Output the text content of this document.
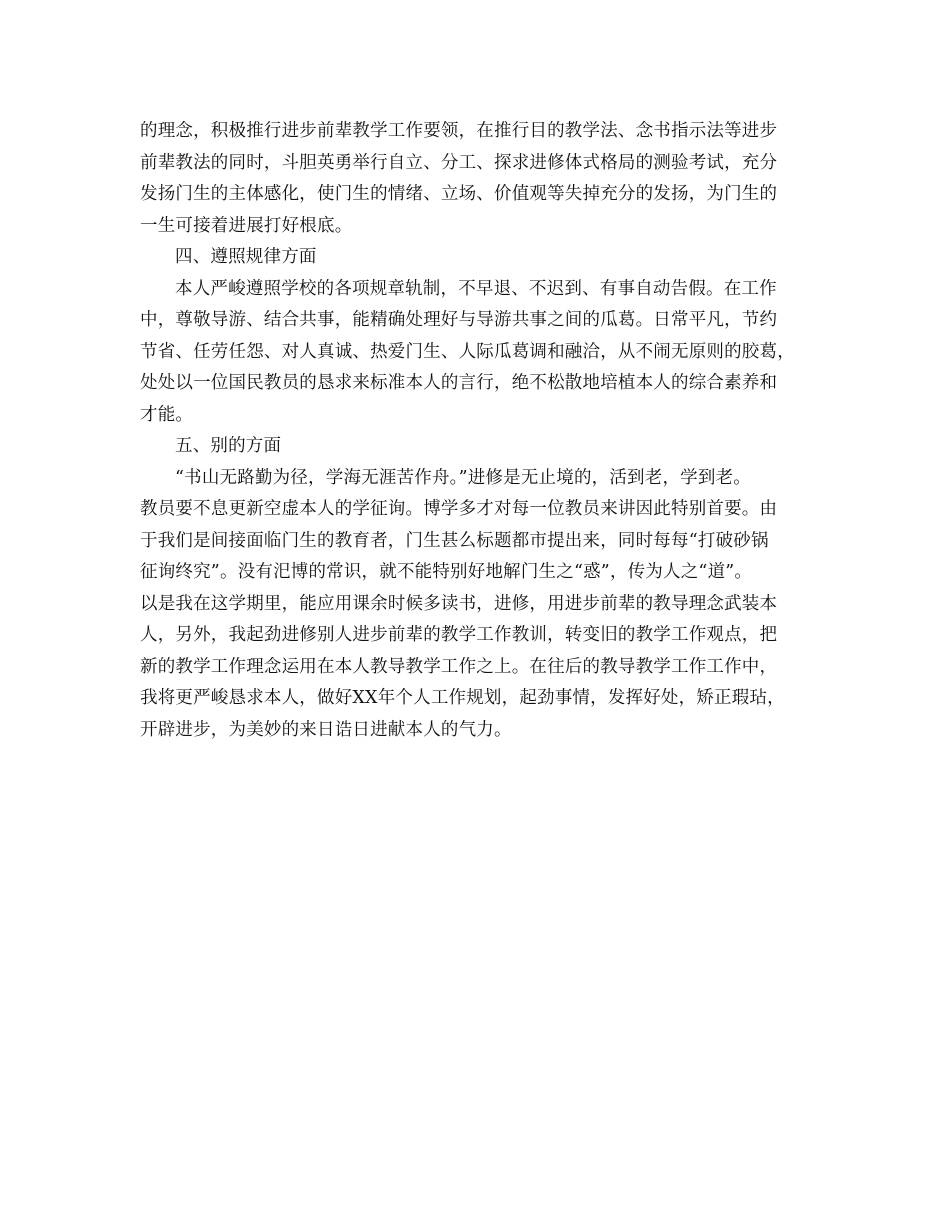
的理念，积极推行进步前辈教学工作要领，在推行目的教学法、念书指示法等进步
前辈教法的同时，斗胆英勇举行自立、分工、探求进修体式格局的测验考试，充分
发扬门生的主体感化，使门生的情绪、立场、价值观等失掉充分的发扬，为门生的
一生可接着进展打好根底。
四、遵照规律方面
本人严峻遵照学校的各项规章轨制，不早退、不迟到、有事自动告假。在工作
中，尊敬导游、结合共事，能精确处理好与导游共事之间的瓜葛。日常平凡，节约
节省、任劳任怨、对人真诚、热爱门生、人际瓜葛调和融洽，从不闹无原则的胶葛，
处处以一位国民教员的恳求来标准本人的言行，绝不松散地培植本人的综合素养和
才能。
五、别的方面
“书山无路勤为径，学海无涯苦作舟。”进修是无止境的，活到老，学到老。
教员要不息更新空虚本人的学征询。博学多才对每一位教员来讲因此特别首要。由
于我们是间接面临门生的教育者，门生甚么标题都市提出来，同时每每“打破砂锅
征询终究”。没有汜博的常识，就不能特别好地解门生之“惑”，传为人之“道”。
以是我在这学期里，能应用课余时候多读书，进修，用进步前辈的教导理念武装本
人，另外，我起劲进修别人进步前辈的教学工作教训，转变旧的教学工作观点，把
新的教学工作理念运用在本人教导教学工作之上。在往后的教导教学工作工作中，
我将更严峻恳求本人，做好XX年个人工作规划，起劲事情，发挥好处，矫正瑕玷，
开辟进步，为美妙的来日诰日进献本人的气力。
